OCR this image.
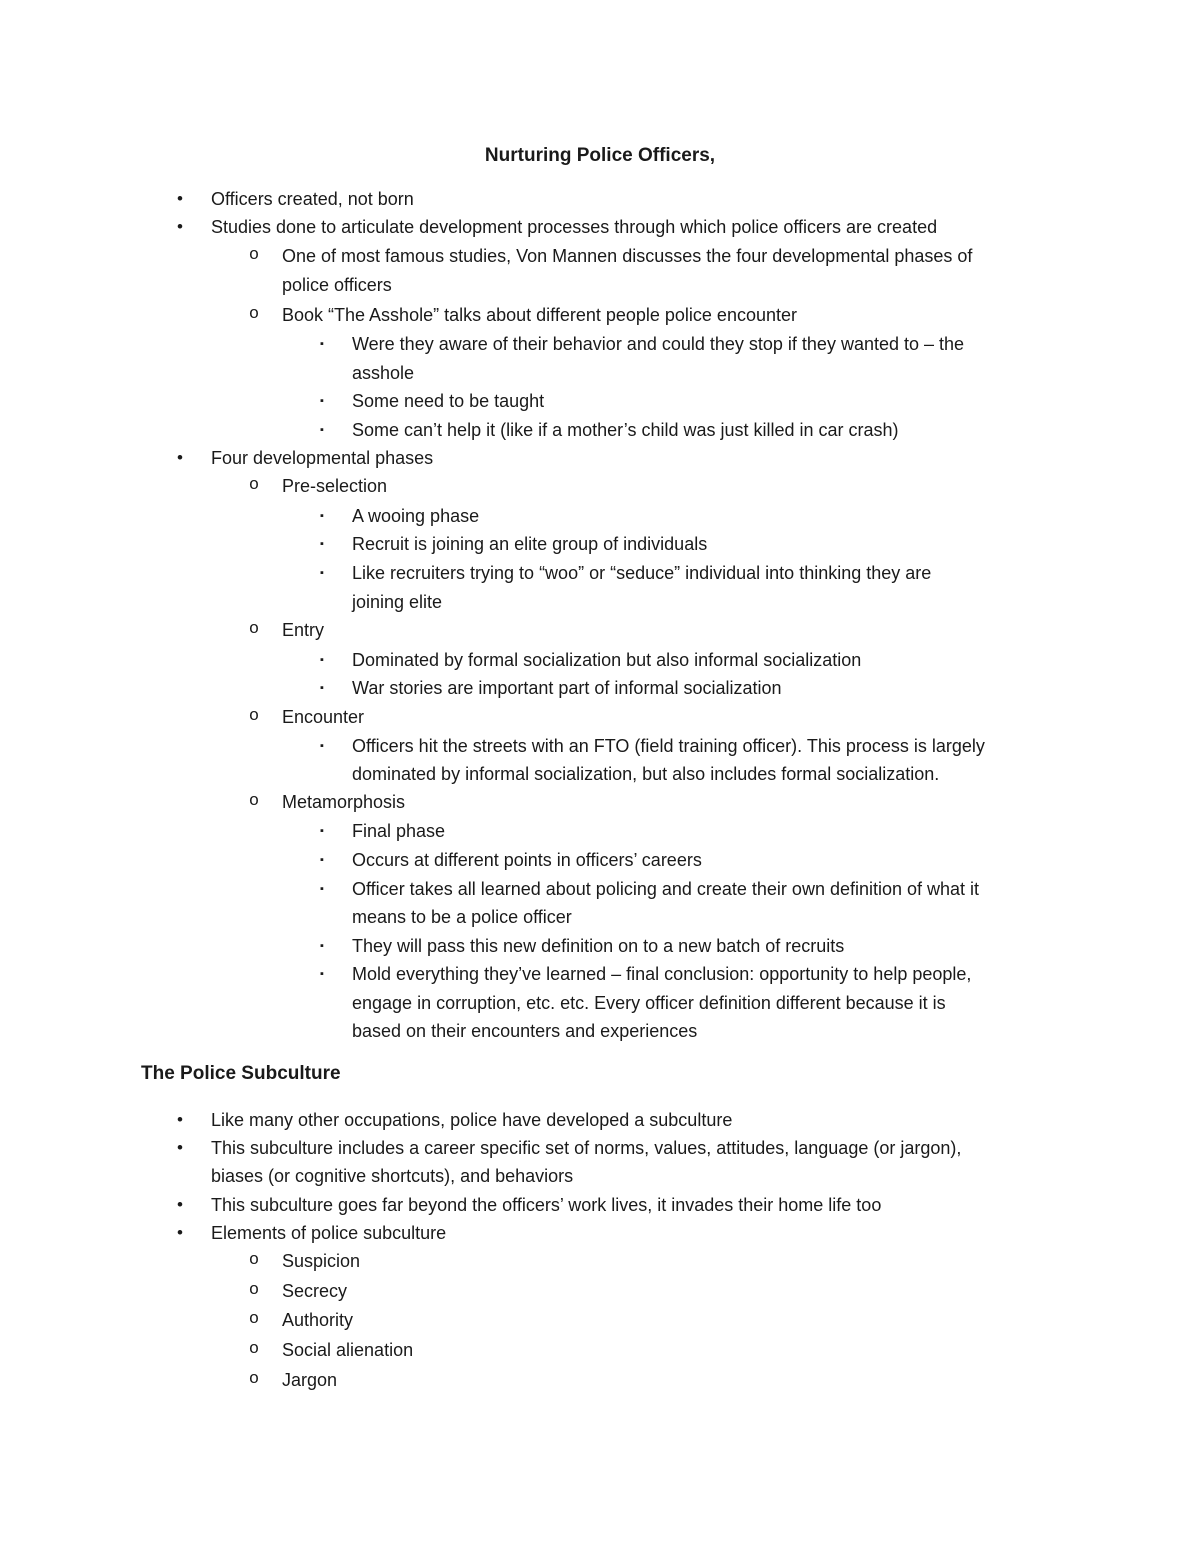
Nurturing Police Officers,
•	Officers created, not born
•	Studies done to articulate development processes through which police officers are created
o One of most famous studies, Von Mannen discusses the four developmental phases of
police officers
o Book “The Asshole” talks about different people police encounter
▪	Were they aware of their behavior and could they stop if they wanted to – the
asshole
▪	Some need to be taught
▪	Some can’t help it (like if a mother’s child was just killed in car crash)
•	Four developmental phases
o Pre-selection
▪	A wooing phase
▪	Recruit is joining an elite group of individuals
▪	Like recruiters trying to “woo” or “seduce” individual into thinking they are
joining elite
o Entry
▪	Dominated by formal socialization but also informal socialization
▪	War stories are important part of informal socialization
o Encounter
▪	Officers hit the streets with an FTO (field training officer). This process is largely
dominated by informal socialization, but also includes formal socialization.
o Metamorphosis
▪	Final phase
▪	Occurs at different points in officers’ careers
▪	Officer takes all learned about policing and create their own definition of what it
means to be a police officer
▪	They will pass this new definition on to a new batch of recruits
▪	Mold everything they’ve learned – final conclusion: opportunity to help people,
engage in corruption, etc. etc. Every officer definition different because it is
based on their encounters and experiences
The Police Subculture
•	Like many other occupations, police have developed a subculture
•	This subculture includes a career specific set of norms, values, attitudes, language (or jargon),
biases (or cognitive shortcuts), and behaviors
•	This subculture goes far beyond the officers’ work lives, it invades their home life too
•	Elements of police subculture
o Suspicion
o Secrecy
o Authority
o Social alienation
o Jargon
